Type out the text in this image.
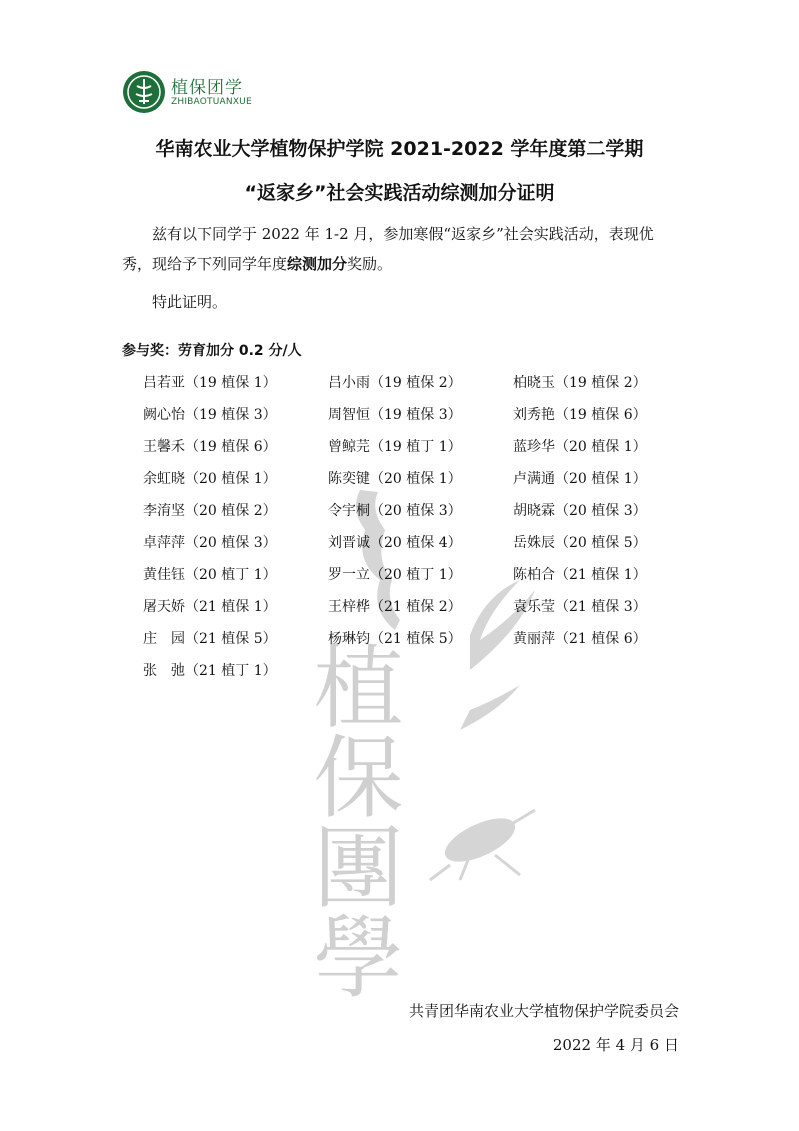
植保团学
ZHIBAOTUANXUE
华南农业大学植物保护学院 2021-2022 学年度第二学期
“返家乡”社会实践活动综测加分证明
兹有以下同学于 2022 年 1-2 月，参加寒假“返家乡”社会实践活动，表现优秀，现给予下列同学年度综测加分奖励。
特此证明。
参与奖：劳育加分 0.2 分/人
植保團學
吕若亚（19 植保 1）	吕小雨（19 植保 2）	柏晓玉（19 植保 2）
阙心怡（19 植保 3）	周智恒（19 植保 3）	刘秀艳（19 植保 6）
王馨禾（19 植保 6）	曾鲸芫（19 植丁 1）	蓝珍华（20 植保 1）
余虹晓（20 植保 1）	陈奕键（20 植保 1）	卢满通（20 植保 1）
李淯坚（20 植保 2）	令宇桐（20 植保 3）	胡晓霖（20 植保 3）
卓萍萍（20 植保 3）	刘晋诚（20 植保 4）	岳姝辰（20 植保 5）
黄佳钰（20 植丁 1）	罗一立（20 植丁 1）	陈柏合（21 植保 1）
屠天娇（21 植保 1）	王梓桦（21 植保 2）	袁乐莹（21 植保 3）
庄　园（21 植保 5）	杨琳钧（21 植保 5）	黄丽萍（21 植保 6）
张　弛（21 植丁 1）
共青团华南农业大学植物保护学院委员会
2022 年 4 月 6 日
